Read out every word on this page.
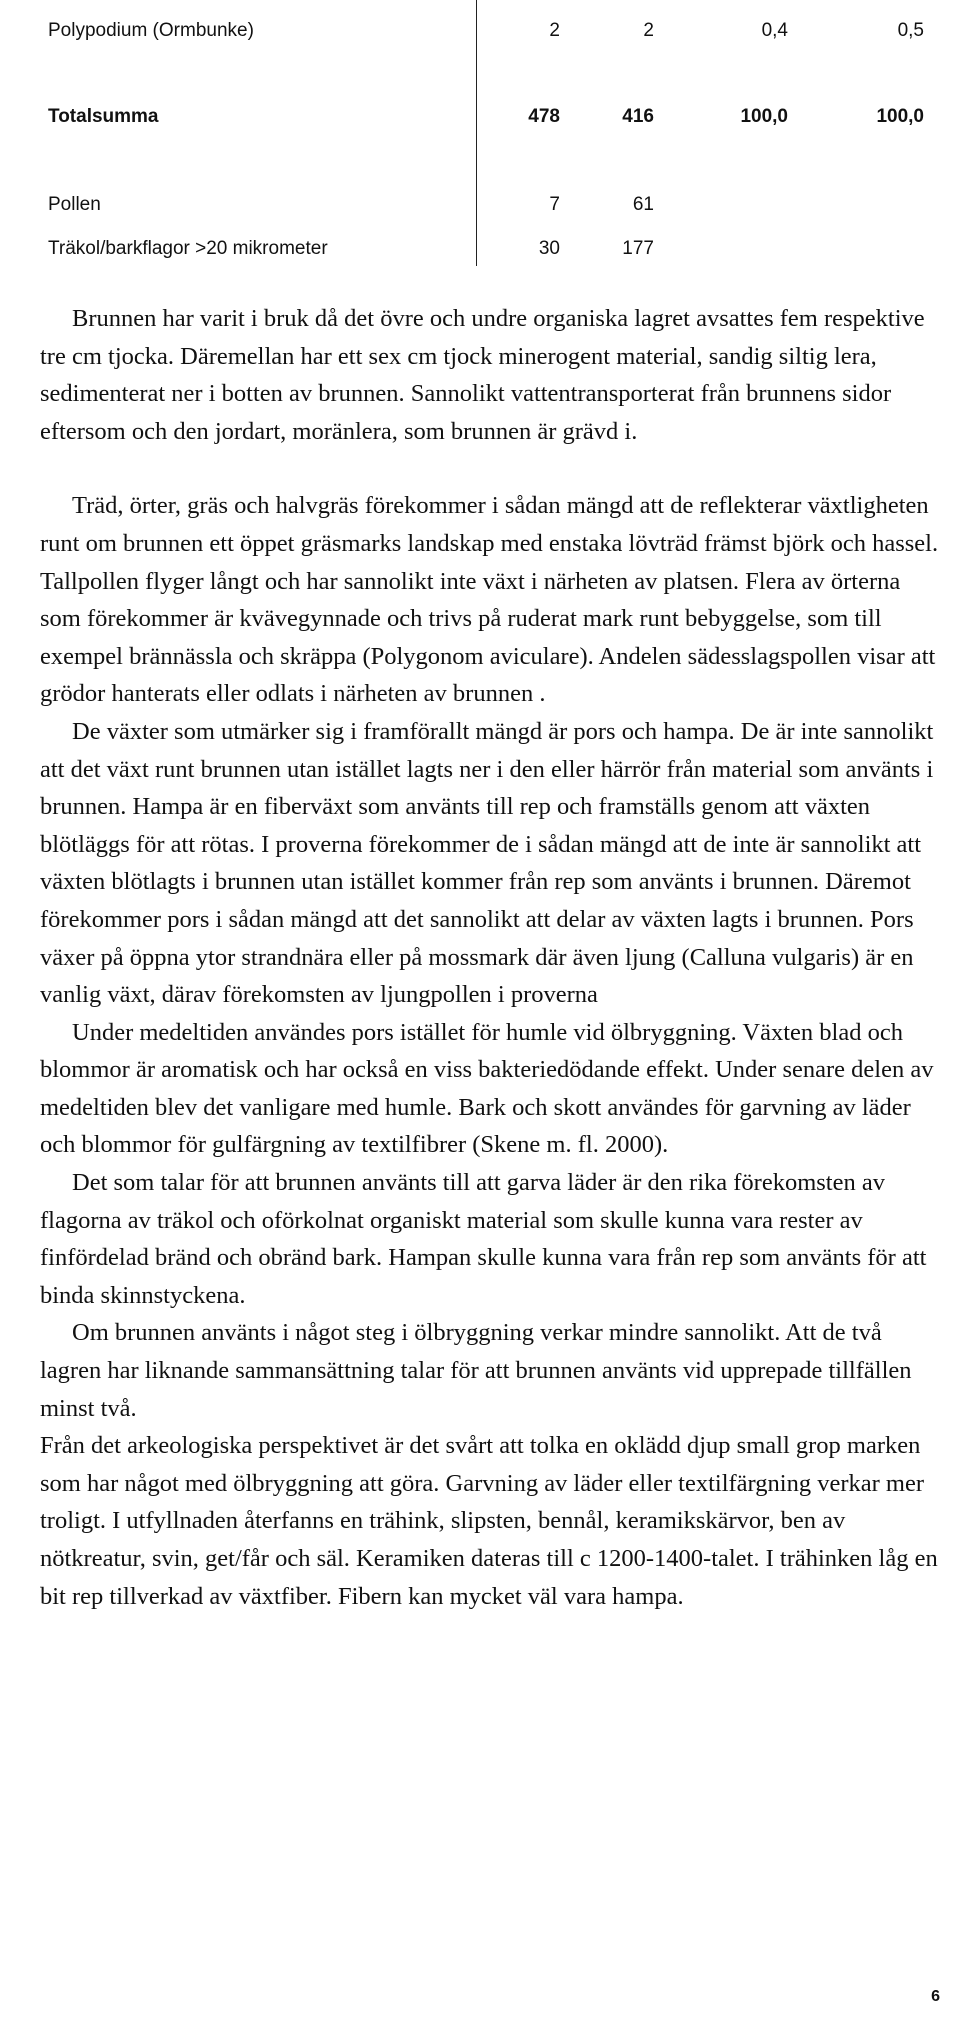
Polypodium (Ormbunke)	2	2	0,4	0,5
Totalsumma	478	416	100,0	100,0
Pollen	7	61
Träkol/barkflagor >20 mikrometer	30	177

Brunnen har varit i bruk då det övre och undre organiska lagret avsattes fem respektive tre cm tjocka. Däremellan har ett sex cm tjock minerogent material, sandig siltig lera, sedimenterat ner i botten av brunnen. Sannolikt vattentransporterat från brunnens sidor eftersom och den jordart, moränlera, som brunnen är grävd i.

Träd, örter, gräs och halvgräs förekommer i sådan mängd att de reflekterar växtligheten runt om brunnen ett öppet gräsmarks landskap med enstaka lövträd främst björk och hassel. Tallpollen flyger långt och har sannolikt inte växt i närheten av platsen. Flera av örterna som förekommer är kvävegynnade och trivs på ruderat mark runt bebyggelse, som till exempel brännässla och skräppa (Polygonom aviculare). Andelen sädesslagspollen visar att grödor hanterats eller odlats i närheten av brunnen .

De växter som utmärker sig i framförallt mängd är pors och hampa. De är inte sannolikt att det växt runt brunnen utan istället lagts ner i den eller härrör från material som använts i brunnen. Hampa är en fiberväxt som använts till rep och framställs genom att växten blötläggs för att rötas. I proverna förekommer de i sådan mängd att de inte är sannolikt att växten blötlagts i brunnen utan istället kommer från rep som använts i brunnen. Däremot förekommer pors i sådan mängd att det sannolikt att delar av växten lagts i brunnen. Pors växer på öppna ytor strandnära eller på mossmark där även ljung (Calluna vulgaris) är en vanlig växt, därav förekomsten av ljungpollen i proverna

Under medeltiden användes pors istället för humle vid ölbryggning. Växten blad och blommor är aromatisk och har också en viss bakteriedödande effekt. Under senare delen av medeltiden blev det vanligare med humle. Bark och skott användes för garvning av läder och blommor för gulfärgning av textilfibrer (Skene m. fl. 2000).

Det som talar för att brunnen använts till att garva läder är den rika förekomsten av flagorna av träkol och oförkolnat organiskt material som skulle kunna vara rester av finfördelad bränd och obränd bark. Hampan skulle kunna vara från rep som använts för att binda skinnstyckena.

Om brunnen använts i något steg i ölbryggning verkar mindre sannolikt. Att de två lagren har liknande sammansättning talar för att brunnen använts vid upprepade tillfällen minst två.

Från det arkeologiska perspektivet är det svårt att tolka en oklädd djup small grop marken som har något med ölbryggning att göra. Garvning av läder eller textilfärgning verkar mer troligt. I utfyllnaden återfanns en trähink, slipsten, bennål, keramikskärvor, ben av nötkreatur, svin, get/får och säl. Keramiken dateras till c 1200-1400-talet. I trähinken låg en bit rep tillverkad av växtfiber. Fibern kan mycket väl vara hampa.

6
